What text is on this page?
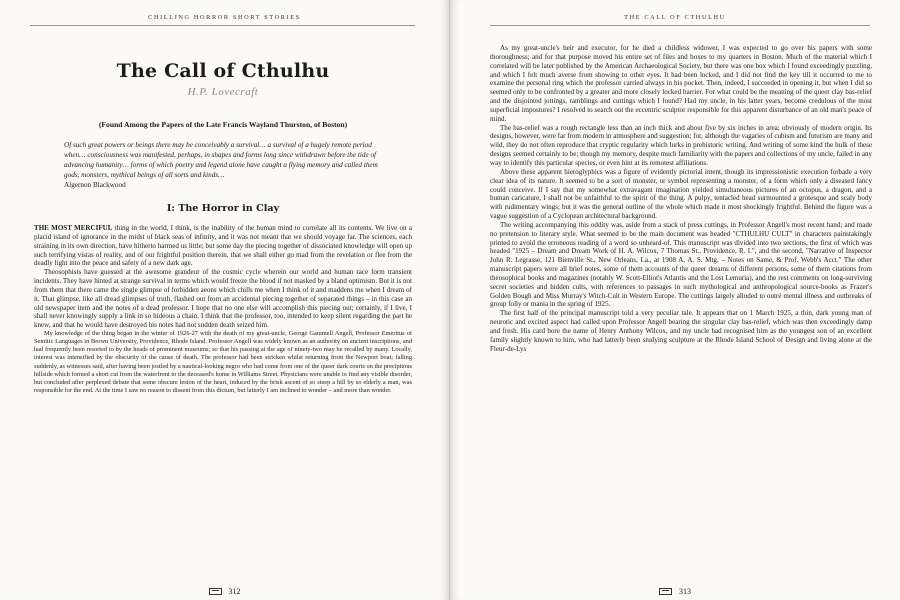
CHILLING HORROR SHORT STORIES
The Call of Cthulhu
H.P. Lovecraft
(Found Among the Papers of the Late Francis Wayland Thurston, of Boston)
Of such great powers or beings there may be conceivably a survival… a survival of a hugely remote period when… consciousness was manifested, perhaps, in shapes and forms long since withdrawn before the tide of advancing humanity… forms of which poetry and legend alone have caught a flying memory and called them gods, monsters, mythical beings of all sorts and kinds…
Algernon Blackwood
I: The Horror in Clay

THE MOST MERCIFUL thing in the world, I think, is the inability of the human mind to correlate all its contents. We live on a placid island of ignorance in the midst of black seas of infinity, and it was not meant that we should voyage far. The sciences, each straining in its own direction, have hitherto harmed us little; but some day the piecing together of dissociated knowledge will open up such terrifying vistas of reality, and of our frightful position therein, that we shall either go mad from the revelation or flee from the deadly light into the peace and safety of a new dark age.

Theosophists have guessed at the awesome grandeur of the cosmic cycle wherein our world and human race form transient incidents. They have hinted at strange survival in terms which would freeze the blood if not masked by a bland optimism. But it is not from them that there came the single glimpse of forbidden aeons which chills me when I think of it and maddens me when I dream of it. That glimpse, like all dread glimpses of truth, flashed out from an accidental piecing together of separated things – in this case an old newspaper item and the notes of a dead professor. I hope that no one else will accomplish this piecing out; certainly, if I live, I shall never knowingly supply a link in so hideous a chain. I think that the professor, too, intended to keep silent regarding the part he knew, and that he would have destroyed his notes had not sudden death seized him.

My knowledge of the thing began in the winter of 1926-27 with the death of my great-uncle, George Gammell Angell, Professor Emeritus of Semitic Languages in Brown University, Providence, Rhode Island. Professor Angell was widely known as an authority on ancient inscriptions, and had frequently been resorted to by the heads of prominent museums; so that his passing at the age of ninety-two may be recalled by many. Locally, interest was intensified by the obscurity of the cause of death. The professor had been stricken whilst returning from the Newport boat; falling suddenly, as witnesses said, after having been jostled by a nautical-looking negro who had come from one of the queer dark courts on the precipitous hillside which formed a short cut from the waterfront to the deceased's home in Williams Street. Physicians were unable to find any visible disorder, but concluded after perplexed debate that some obscure lesion of the heart, induced by the brisk ascent of so steep a hill by so elderly a man, was responsible for the end. At the time I saw no reason to dissent from this dictum, but latterly I am inclined to wonder – and more than wonder.

312
THE CALL OF CTHULHU

As my great-uncle's heir and executor, for he died a childless widower, I was expected to go over his papers with some thoroughness; and for that purpose moved his entire set of files and boxes to my quarters in Boston. Much of the material which I correlated will be later published by the American Archaeological Society, but there was one box which I found exceedingly puzzling, and which I felt much averse from showing to other eyes. It had been locked, and I did not find the key till it occurred to me to examine the personal ring which the professor carried always in his pocket. Then, indeed, I succeeded in opening it, but when I did so seemed only to be confronted by a greater and more closely locked barrier. For what could be the meaning of the queer clay bas-relief and the disjointed jottings, ramblings and cuttings which I found? Had my uncle, in his latter years, become credulous of the most superficial impostures? I resolved to search out the eccentric sculptor responsible for this apparent disturbance of an old man's peace of mind.

The bas-relief was a rough rectangle less than an inch thick and about five by six inches in area; obviously of modern origin. Its designs, however, were far from modern in atmosphere and suggestion; for, although the vagaries of cubism and futurism are many and wild, they do not often reproduce that cryptic regularity which lurks in prehistoric writing. And writing of some kind the bulk of these designs seemed certainly to be; though my memory, despite much familiarity with the papers and collections of my uncle, failed in any way to identify this particular species, or even hint at its remotest affiliations.

Above these apparent hieroglyphics was a figure of evidently pictorial intent, though its impressionistic execution forbade a very clear idea of its nature. It seemed to be a sort of monster, or symbol representing a monster, of a form which only a diseased fancy could conceive. If I say that my somewhat extravagant imagination yielded simultaneous pictures of an octopus, a dragon, and a human caricature, I shall not be unfaithful to the spirit of the thing. A pulpy, tentacled head surmounted a grotesque and scaly body with rudimentary wings; but it was the general outline of the whole which made it most shockingly frightful. Behind the figure was a vague suggestion of a Cyclopean architectural background.

The writing accompanying this oddity was, aside from a stack of press cuttings, in Professor Angell's most recent hand; and made no pretension to literary style. What seemed to be the main document was headed "CTHULHU CULT" in characters painstakingly printed to avoid the erroneous reading of a word so unheard-of. This manuscript was divided into two sections, the first of which was headed "1925 – Dream and Dream Work of H. A. Wilcox, 7 Thomas St., Providence, R. I.", and the second, "Narrative of Inspector John R. Legrasse, 121 Bienville St., New Orleans, La., at 1908 A. A. S. Mtg. – Notes on Same, & Prof. Webb's Acct." The other manuscript papers were all brief notes, some of them accounts of the queer dreams of different persons, some of them citations from theosophical books and magazines (notably W. Scott-Elliot's Atlantis and the Lost Lemuria), and the rest comments on long-surviving secret societies and hidden cults, with references to passages in such mythological and anthropological source-books as Frazer's Golden Bough and Miss Murray's Witch-Cult in Western Europe. The cuttings largely alluded to outré mental illness and outbreaks of group folly or mania in the spring of 1925.

The first half of the principal manuscript told a very peculiar tale. It appears that on 1 March 1925, a thin, dark young man of neurotic and excited aspect had called upon Professor Angell bearing the singular clay bas-relief, which was then exceedingly damp and fresh. His card bore the name of Henry Anthony Wilcox, and my uncle had recognised him as the youngest son of an excellent family slightly known to him, who had latterly been studying sculpture at the Rhode Island School of Design and living alone at the Fleur-de-Lys

313
